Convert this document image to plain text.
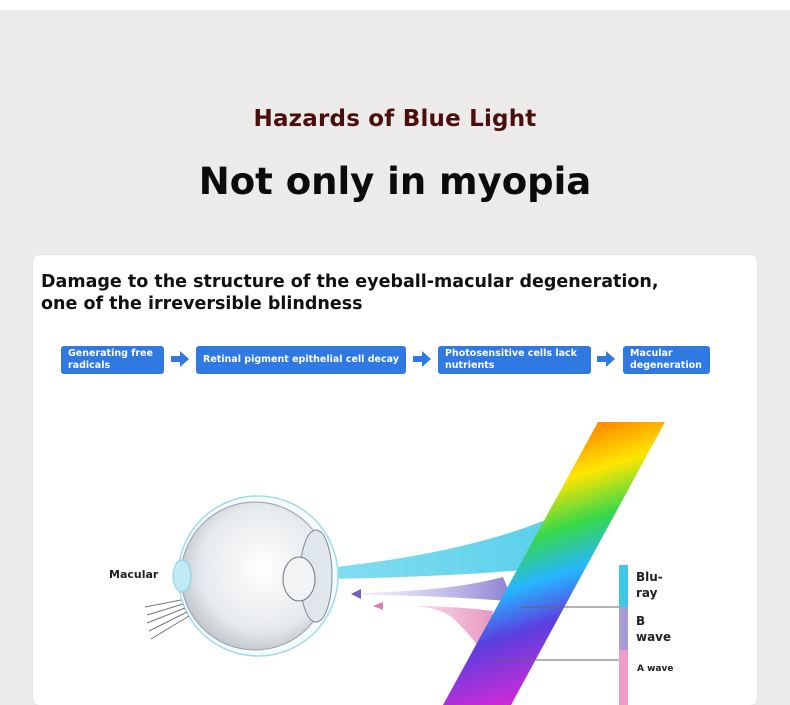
Hazards of Blue Light
Not only in myopia
Damage to the structure of the eyeball-macular degeneration, one of the irreversible blindness
Generating free radicals
Retinal pigment epithelial cell decay
Photosensitive cells lack nutrients
Macular degeneration
Macular	Blu-ray
B wave
A wave
